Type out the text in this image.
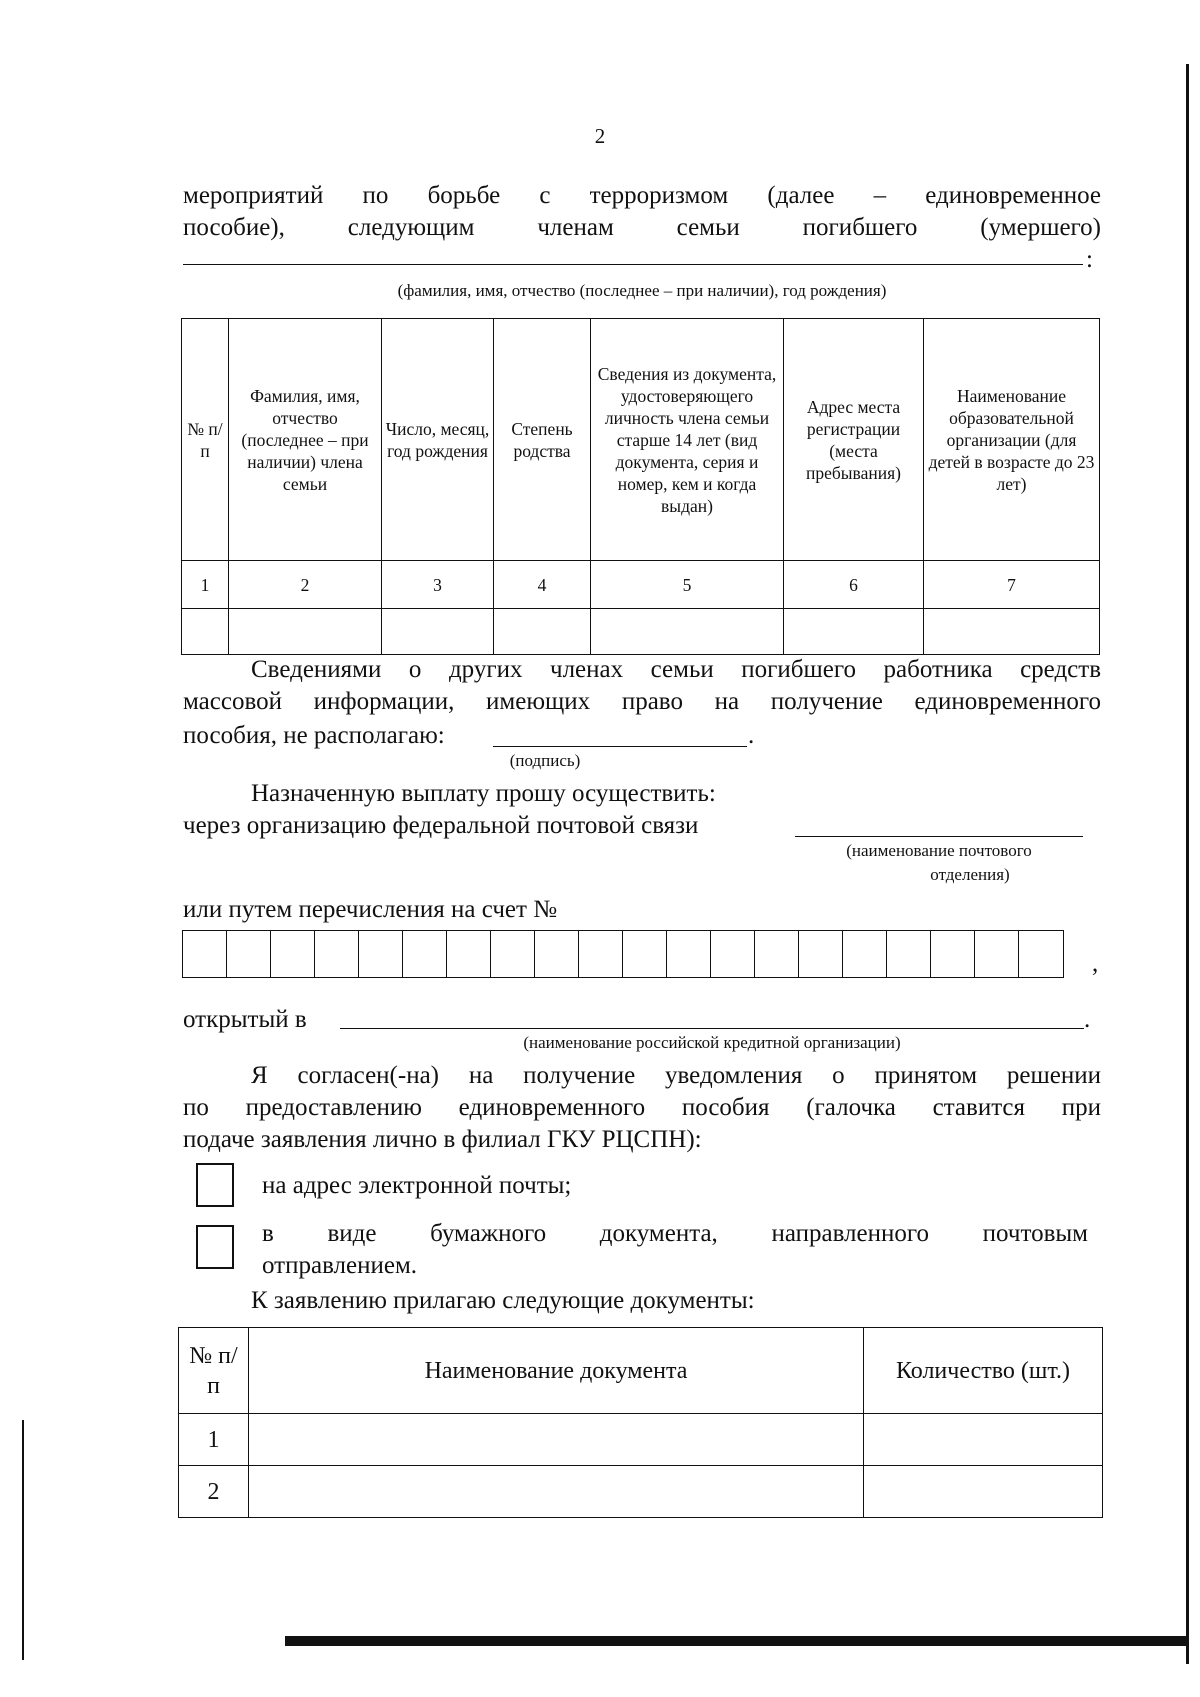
2
мероприятий по борьбе с терроризмом (далее – единовременное
пособие), следующим членам семьи погибшего (умершего)
:
(фамилия, имя, отчество (последнее – при наличии), год рождения)
№ п/п	Фамилия, имя, отчество (последнее – при наличии) члена семьи	Число, месяц, год рождения	Степень родства	Сведения из документа, удостоверяющего личность члена семьи старше 14 лет (вид документа, серия и номер, кем и когда выдан)	Адрес места регистрации (места пребывания)	Наименование образовательной организации (для детей в возрасте до 23 лет)
1	2	3	4	5	6	7

Сведениями о других членах семьи погибшего работника средств
массовой информации, имеющих право на получение единовременного
пособия, не располагаю:	.
(подпись)
Назначенную выплату прошу осуществить:
через организацию федеральной почтовой связи
(наименование почтового
отделения)
или путем перечисления на счет №
,
открытый в	.
(наименование российской кредитной организации)
Я согласен(-на) на получение уведомления о принятом решении
по предоставлению единовременного пособия (галочка ставится при
подаче заявления лично в филиал ГКУ РЦСПН):
на адрес электронной почты;
в виде бумажного документа, направленного почтовым
отправлением.
К заявлению прилагаю следующие документы:
№ п/п	Наименование документа	Количество (шт.)
1		
2		
